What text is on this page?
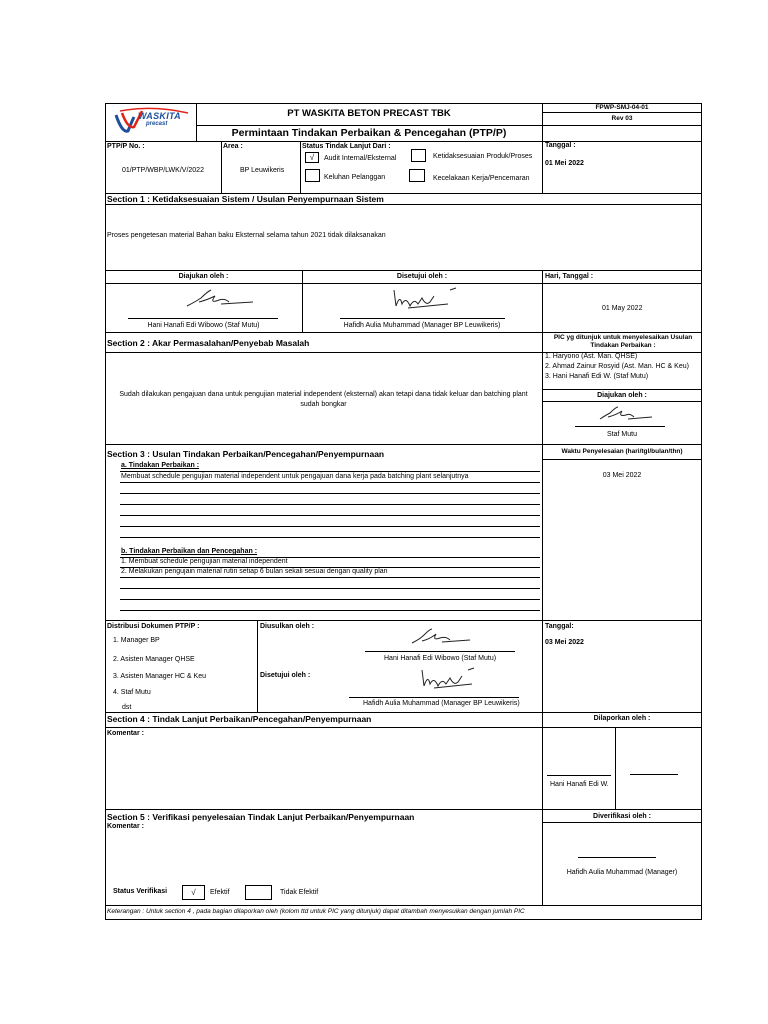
WASKITA
precast
PT WASKITA BETON PRECAST TBK
Permintaan Tindakan Perbaikan & Pencegahan (PTP/P)
FPWP-SMJ-04-01
Rev 03
PTP/P No. :
01/PTP/WBP/LWK/V/2022
Area :
BP Leuwikeris
Status Tindak Lanjut Dari :
√	Audit Internal/Eksternal	Ketidaksesuaian Produk/Proses
Keluhan Pelanggan	Kecelakaan Kerja/Pencemaran
Tanggal :
01 Mei 2022
Section 1 : Ketidaksesuaian Sistem / Usulan Penyempurnaan Sistem
Proses pengetesan material Bahan baku Eksternal selama tahun 2021 tidak dilaksanakan
Diajukan oleh :	Disetujui oleh :	Hari, Tanggal :
Hani Hanafi Edi Wibowo (Staf Mutu)	Hafidh Aulia Muhammad (Manager BP Leuwikeris)
01 May 2022
Section 2 : Akar Permasalahan/Penyebab Masalah
PIC yg ditunjuk untuk menyelesaikan Usulan Tindakan Perbaikan :
1. Haryono (Ast. Man. QHSE)
2. Ahmad Zainur Rosyid (Ast. Man. HC & Keu)
3. Hani Hanafi Edi W. (Staf Mutu)
Sudah dilakukan pengajuan dana untuk pengujian material independent (eksternal) akan tetapi dana tidak keluar dan batching plant
sudah bongkar
Diajukan oleh :
Staf Mutu
Section 3 : Usulan Tindakan Perbaikan/Pencegahan/Penyempurnaan	Waktu Penyelesaian (hari/tgl/bulan/thn)
03 Mei 2022
a. Tindakan Perbaikan :
Membuat schedule pengujian material independent untuk pengajuan dana kerja pada batching plant selanjutnya
b. Tindakan Perbaikan dan Pencegahan :
1. Membuat schedule pengujian material independent
2. Melakukan pengujain material rutin setiap 6 bulan sekali sesuai dengan quality plan
Distribusi Dokumen PTP/P :
1. Manager BP
2. Asisten Manager QHSE
3. Asisten Manager HC & Keu
4. Staf Mutu
dst
Diusulkan oleh :
Hani Hanafi Edi Wibowo (Staf Mutu)
Disetujui oleh :
Hafidh Aulia Muhammad (Manager BP Leuwikeris)
Tanggal:
03 Mei 2022
Section 4 : Tindak Lanjut Perbaikan/Pencegahan/Penyempurnaan	Dilaporkan oleh :
Komentar :
Hani Hanafi Edi W.
Section 5 : Verifikasi penyelesaian Tindak Lanjut Perbaikan/Penyempurnaan	Diverifikasi oleh :
Komentar :
Hafidh Aulia Muhammad (Manager)
Status Verifikasi	√	Efektif	Tidak Efektif
Keterangan : Untuk section 4 , pada bagian dilaporkan oleh (kolom ttd untuk PIC yang ditunjuk) dapat ditambah menyesuikan dengan jumlah PIC
